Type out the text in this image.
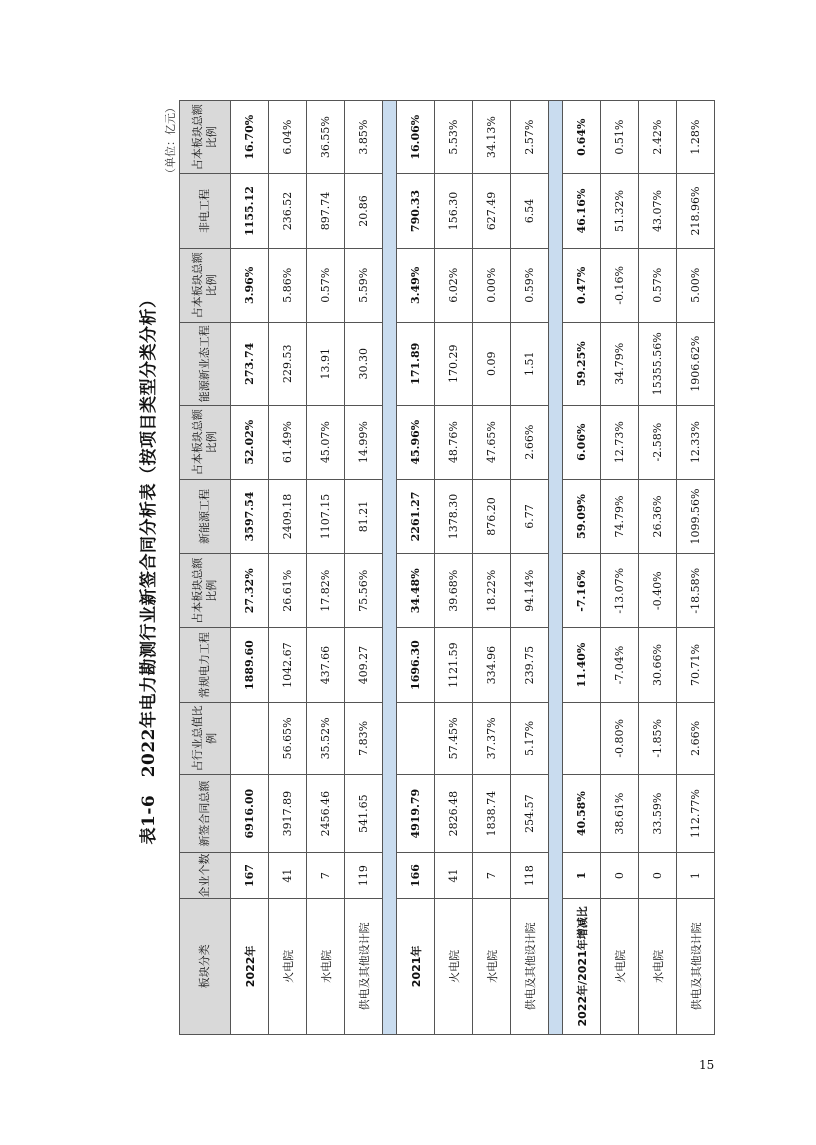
表1-6　2022年电力勘测行业新签合同分析表（按项目类型分类分析）
（单位：亿元）
板块分类	企业个数	新签合同总额	占行业总值比例	常规电力工程	占本板块总额比例	新能源工程	占本板块总额比例	能源新业态工程	占本板块总额比例	非电工程	占本板块总额比例
2022年	167	6916.00		1889.60	27.32%	3597.54	52.02%	273.74	3.96%	1155.12	16.70%
火电院	41	3917.89	56.65%	1042.67	26.61%	2409.18	61.49%	229.53	5.86%	236.52	6.04%
水电院	7	2456.46	35.52%	437.66	17.82%	1107.15	45.07%	13.91	0.57%	897.74	36.55%
供电及其他设计院	119	541.65	7.83%	409.27	75.56%	81.21	14.99%	30.30	5.59%	20.86	3.85%

2021年	166	4919.79		1696.30	34.48%	2261.27	45.96%	171.89	3.49%	790.33	16.06%
火电院	41	2826.48	57.45%	1121.59	39.68%	1378.30	48.76%	170.29	6.02%	156.30	5.53%
水电院	7	1838.74	37.37%	334.96	18.22%	876.20	47.65%	0.09	0.00%	627.49	34.13%
供电及其他设计院	118	254.57	5.17%	239.75	94.14%	6.77	2.66%	1.51	0.59%	6.54	2.57%

2022年/2021年增减比	1	40.58%		11.40%	-7.16%	59.09%	6.06%	59.25%	0.47%	46.16%	0.64%
火电院	0	38.61%	-0.80%	-7.04%	-13.07%	74.79%	12.73%	34.79%	-0.16%	51.32%	0.51%
水电院	0	33.59%	-1.85%	30.66%	-0.40%	26.36%	-2.58%	15355.56%	0.57%	43.07%	2.42%
供电及其他设计院	1	112.77%	2.66%	70.71%	-18.58%	1099.56%	12.33%	1906.62%	5.00%	218.96%	1.28%
15
